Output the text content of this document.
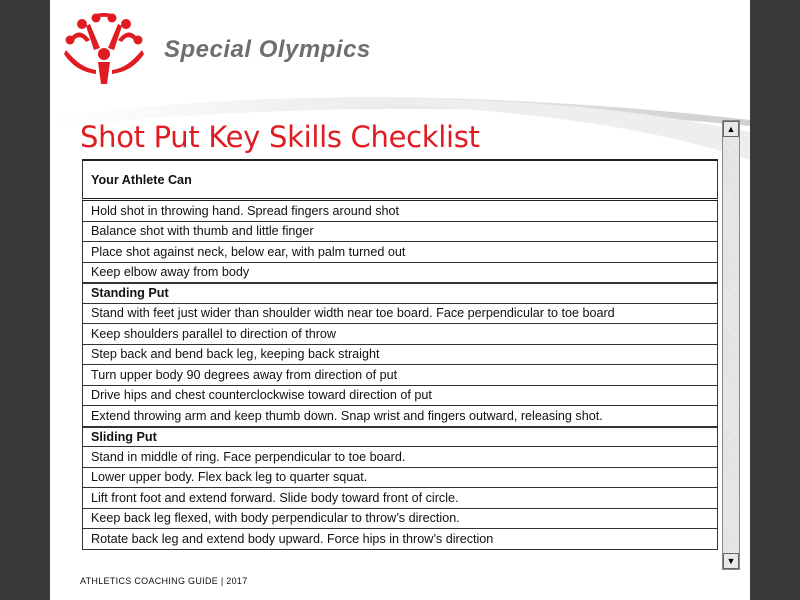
Special Olympics
Shot Put Key Skills Checklist
Your Athlete Can
Hold shot in throwing hand. Spread fingers around shot
Balance shot with thumb and little finger
Place shot against neck, below ear, with palm turned out
Keep elbow away from body
Standing Put
Stand with feet just wider than shoulder width near toe board. Face perpendicular to toe board
Keep shoulders parallel to direction of throw
Step back and bend back leg, keeping back straight
Turn upper body 90 degrees away from direction of put
Drive hips and chest counterclockwise toward direction of put
Extend throwing arm and keep thumb down. Snap wrist and fingers outward, releasing shot.
Sliding Put
Stand in middle of ring. Face perpendicular to toe board.
Lower upper body. Flex back leg to quarter squat.
Lift front foot and extend forward. Slide body toward front of circle.
Keep back leg flexed, with body perpendicular to throw’s direction.
Rotate back leg and extend body upward. Force hips in throw’s direction
ATHLETICS COACHING GUIDE | 2017
▲
▼
